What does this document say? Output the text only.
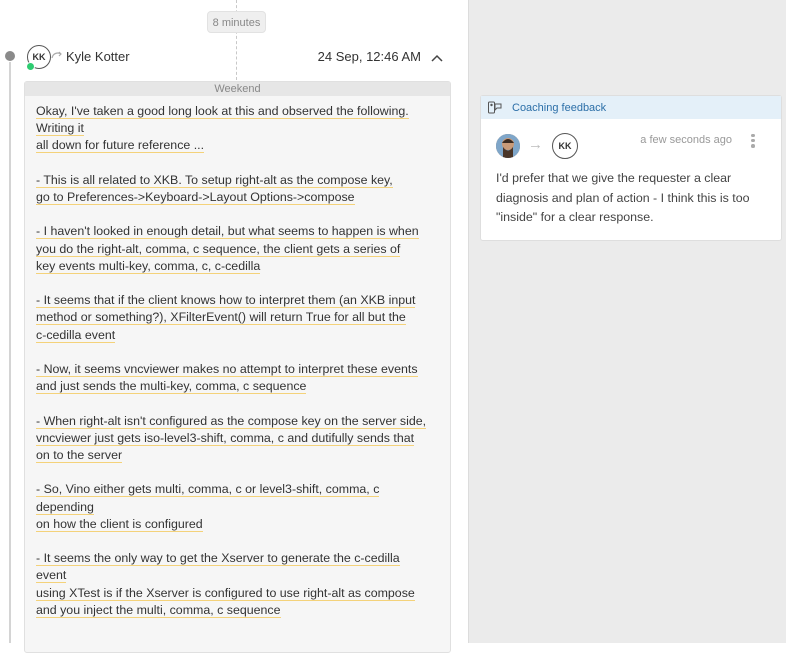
8 minutes
KK	Kyle Kotter	24 Sep, 12:46 AM
Weekend
Okay, I've taken a good long look at this and observed the following.
Writing it
all down for future reference ...
- This is all related to XKB. To setup right-alt as the compose key,
go to Preferences->Keyboard->Layout Options->compose
- I haven't looked in enough detail, but what seems to happen is when
you do the right-alt, comma, c sequence, the client gets a series of
key events multi-key, comma, c, c-cedilla
- It seems that if the client knows how to interpret them (an XKB input
method or something?), XFilterEvent() will return True for all but the
c-cedilla event
- Now, it seems vncviewer makes no attempt to interpret these events
and just sends the multi-key, comma, c sequence
- When right-alt isn't configured as the compose key on the server side,
vncviewer just gets iso-level3-shift, comma, c and dutifully sends that
on to the server
- So, Vino either gets multi, comma, c or level3-shift, comma, c
depending
on how the client is configured
- It seems the only way to get the Xserver to generate the c-cedilla
event
using XTest is if the Xserver is configured to use right-alt as compose
and you inject the multi, comma, c sequence
Coaching feedback
→	KK	a few seconds ago
I'd prefer that we give the requester a clear diagnosis and plan of action - I think this is too "inside" for a clear response.
